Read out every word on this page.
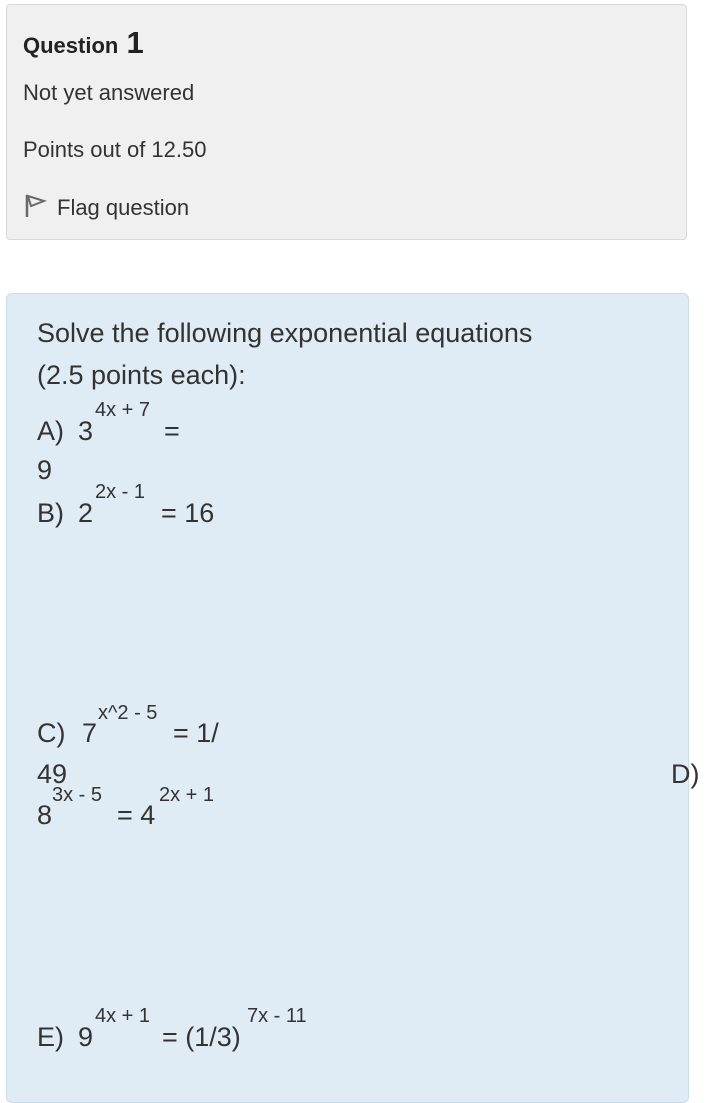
Question 1
Not yet answered
Points out of 12.50
Flag question
Solve the following exponential equations
(2.5 points each):
A) 3
4x + 7
=
9
B) 2
2x - 1
= 16
C) 7
x^2 - 5
= 1/
49	D)
8
3x - 5
= 4
2x + 1
E) 9
4x + 1
= (1/3)
7x - 11
